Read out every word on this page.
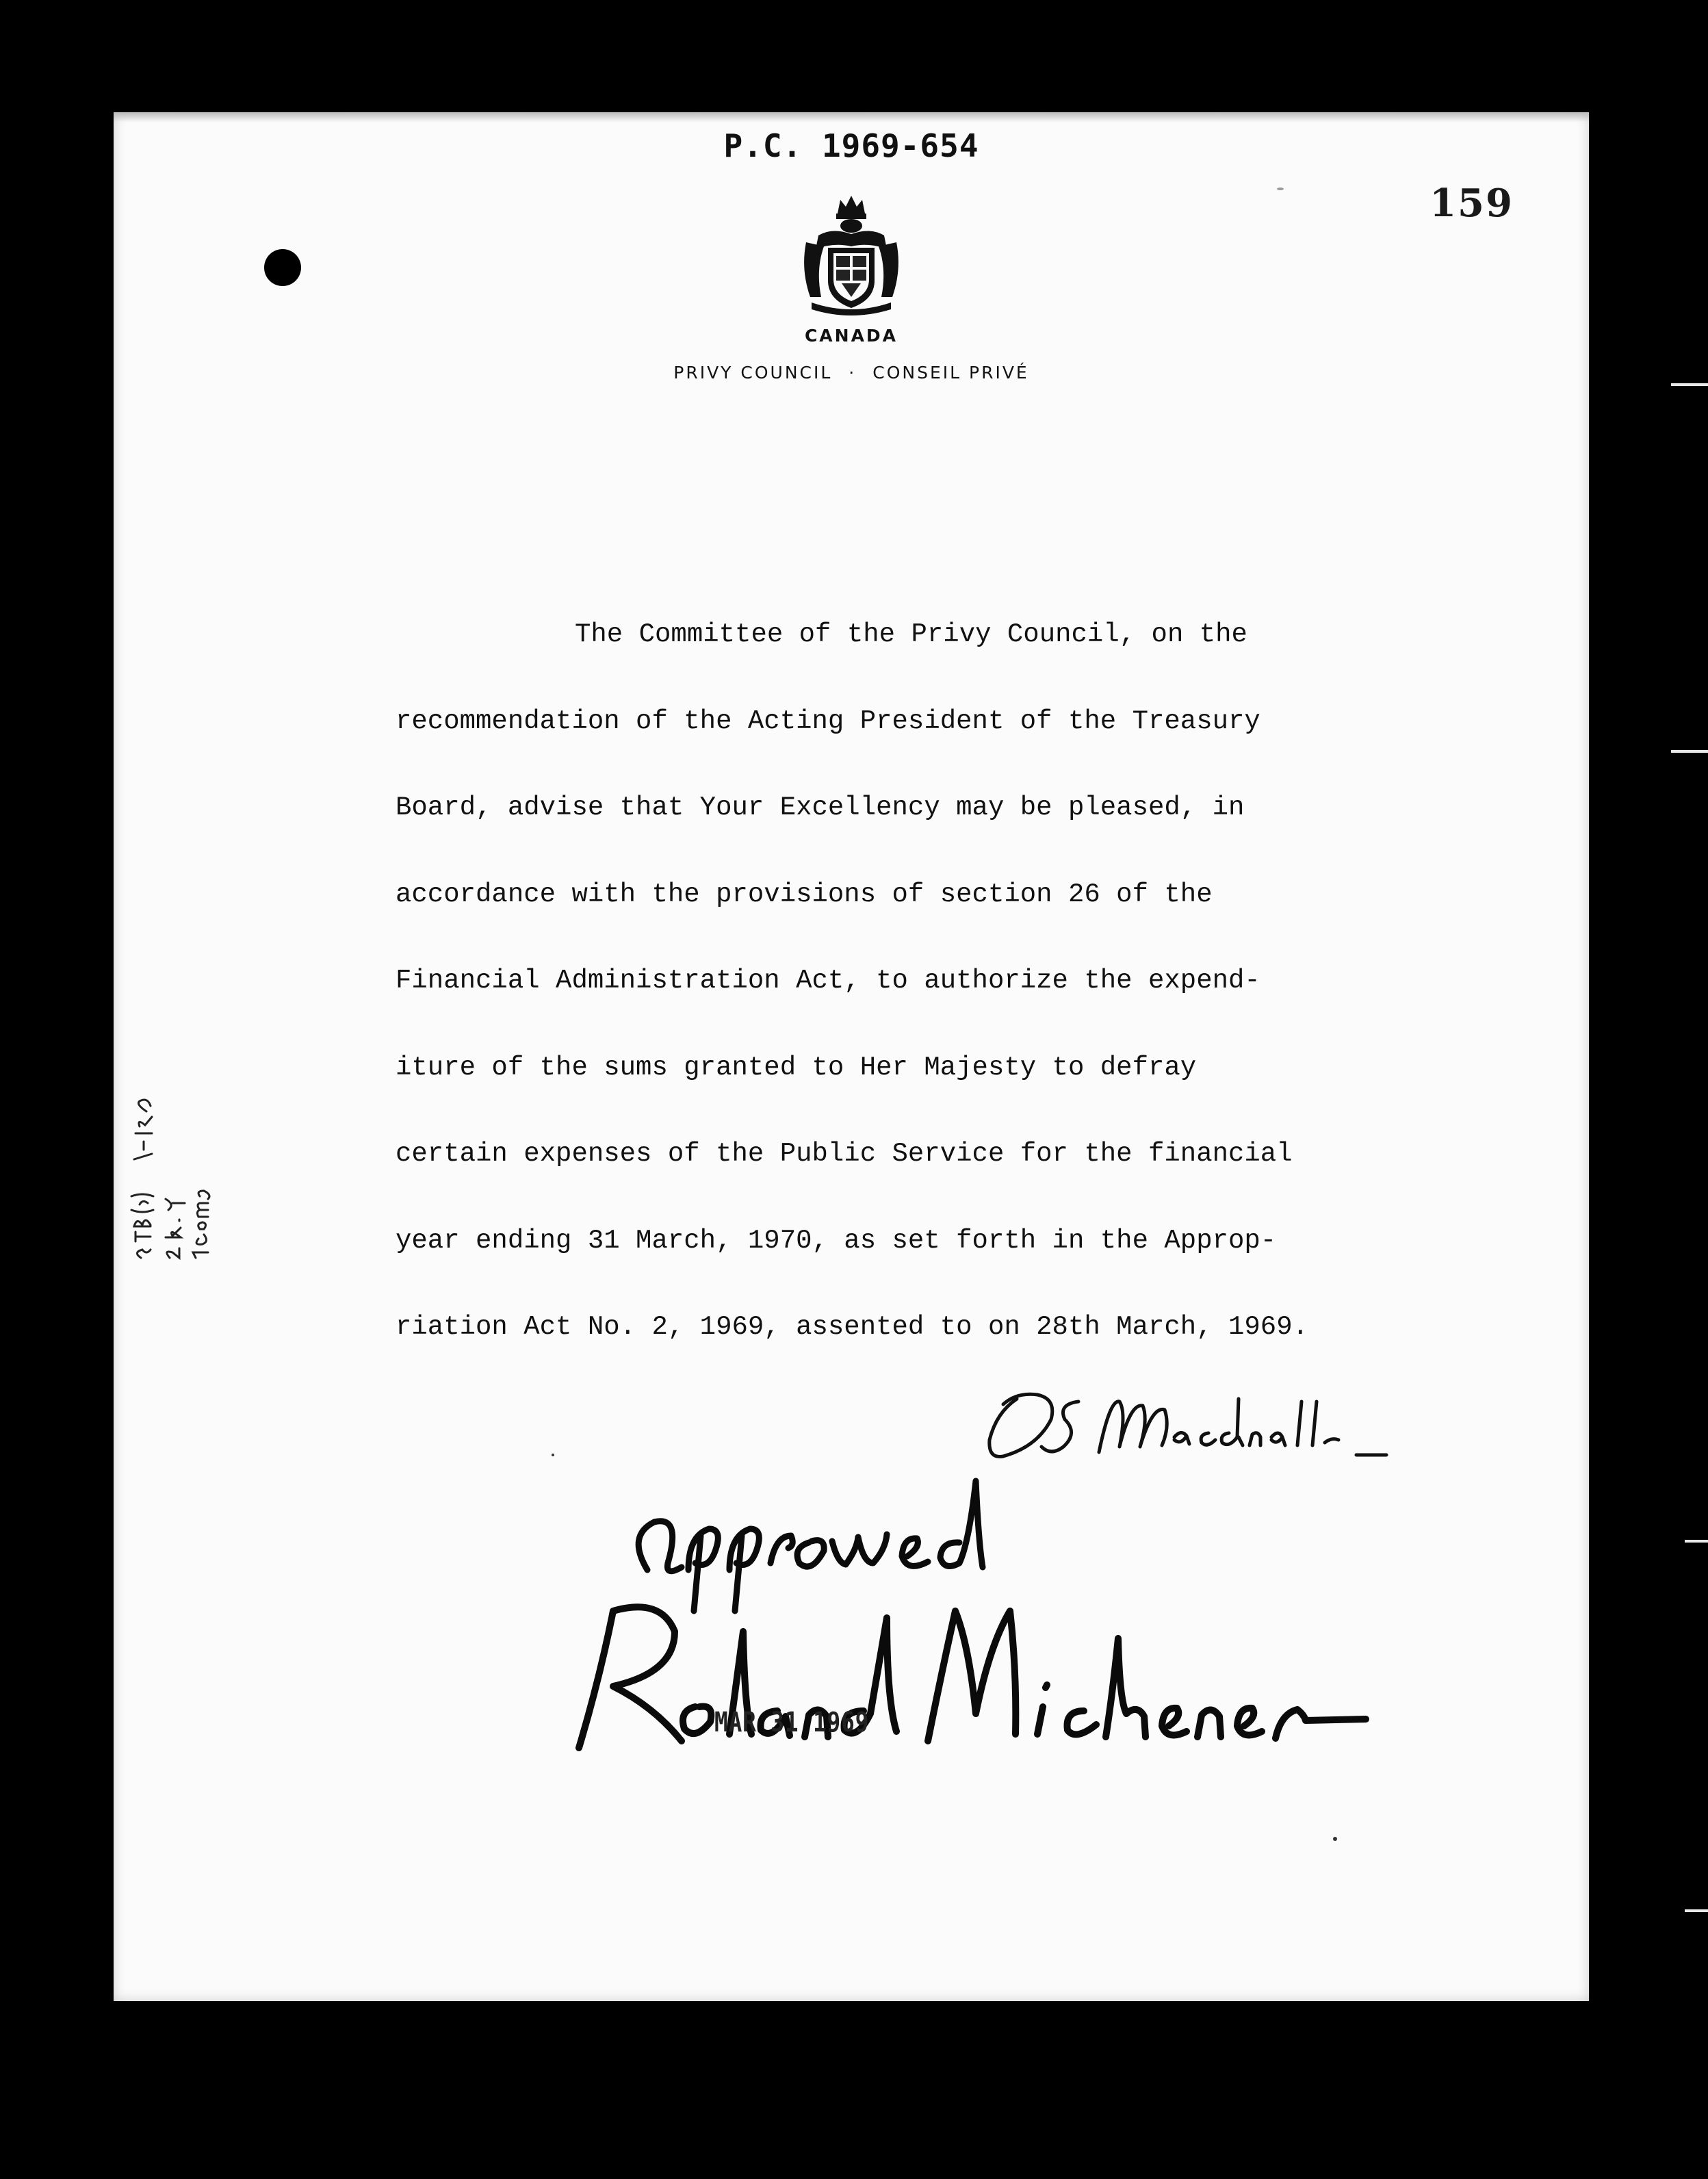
P.C. 1969-654
159
CANADA
PRIVY COUNCIL · CONSEIL PRIVÉ
The Committee of the Privy Council, on the
recommendation of the Acting President of the Treasury
Board, advise that Your Excellency may be pleased, in
accordance with the provisions of section 26 of the
Financial Administration Act, to authorize the expend-
iture of the sums granted to Her Majesty to defray
certain expenses of the Public Service for the financial
year ending 31 March, 1970, as set forth in the Approp-
riation Act No. 2, 1969, assented to on 28th March, 1969.
MAR 31 1969
